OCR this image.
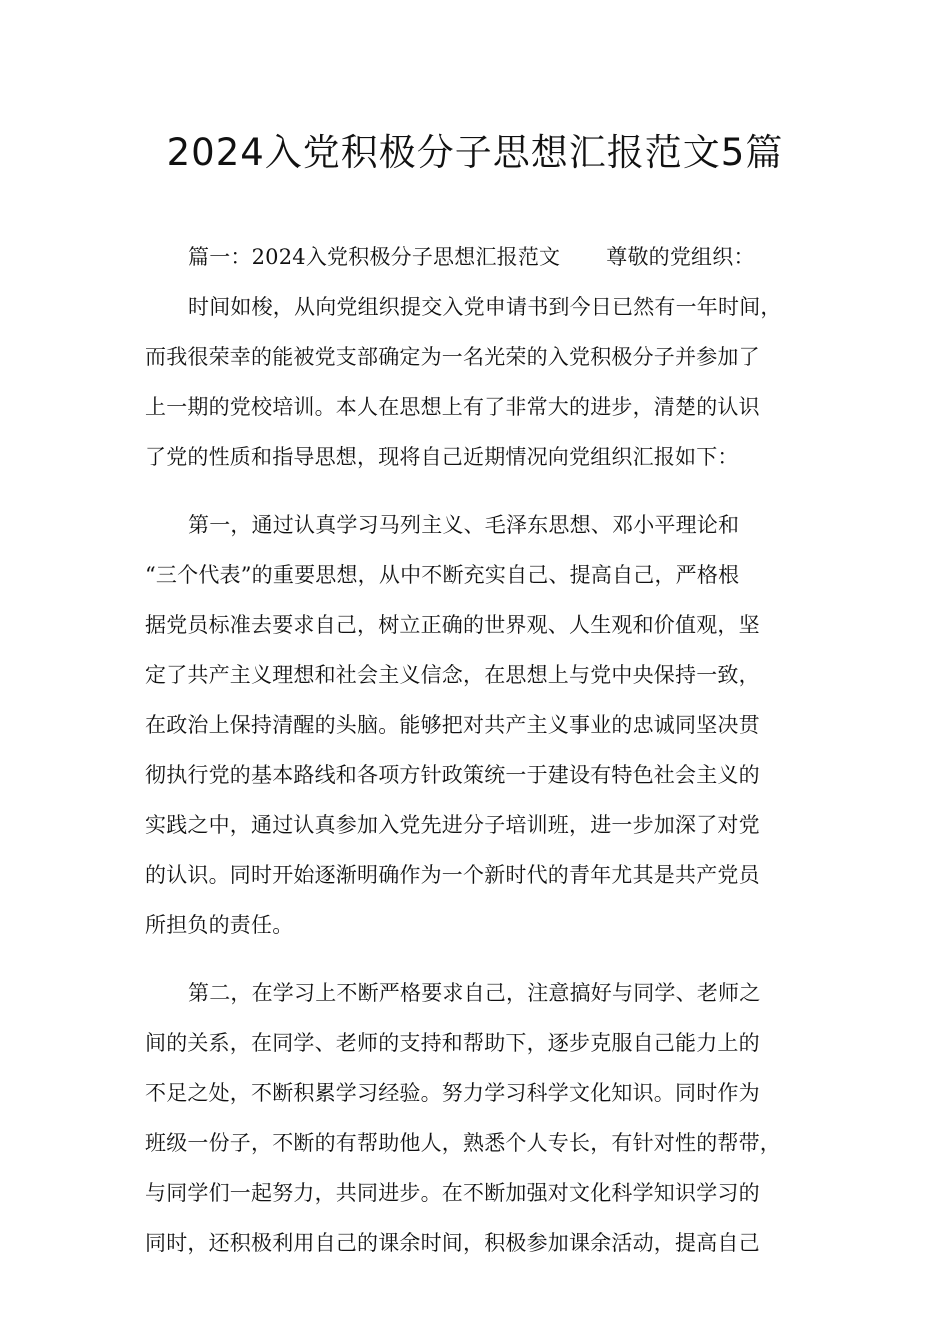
2024入党积极分子思想汇报范文5篇
篇一：2024入党积极分子思想汇报范文 尊敬的党组织：
时间如梭，从向党组织提交入党申请书到今日已然有一年时间，
而我很荣幸的能被党支部确定为一名光荣的入党积极分子并参加了
上一期的党校培训。本人在思想上有了非常大的进步，清楚的认识
了党的性质和指导思想，现将自己近期情况向党组织汇报如下：
第一，通过认真学习马列主义、毛泽东思想、邓小平理论和
“三个代表”的重要思想，从中不断充实自己、提高自己，严格根
据党员标准去要求自己，树立正确的世界观、人生观和价值观，坚
定了共产主义理想和社会主义信念，在思想上与党中央保持一致，
在政治上保持清醒的头脑。能够把对共产主义事业的忠诚同坚决贯
彻执行党的基本路线和各项方针政策统一于建设有特色社会主义的
实践之中，通过认真参加入党先进分子培训班，进一步加深了对党
的认识。同时开始逐渐明确作为一个新时代的青年尤其是共产党员
所担负的责任。
第二，在学习上不断严格要求自己，注意搞好与同学、老师之
间的关系，在同学、老师的支持和帮助下，逐步克服自己能力上的
不足之处，不断积累学习经验。努力学习科学文化知识。同时作为
班级一份子，不断的有帮助他人，熟悉个人专长，有针对性的帮带，
与同学们一起努力，共同进步。在不断加强对文化科学知识学习的
同时，还积极利用自己的课余时间，积极参加课余活动，提高自己
